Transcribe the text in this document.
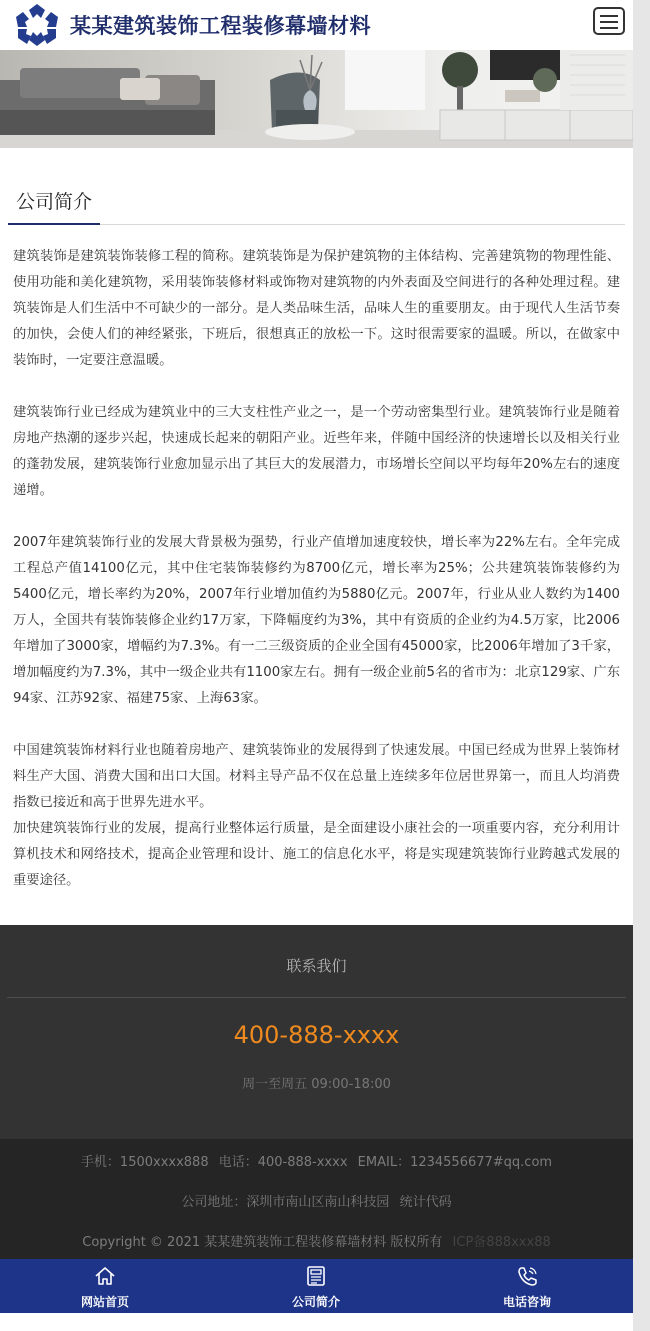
某某建筑装饰工程装修幕墙材料
公司简介

建筑装饰是建筑装饰装修工程的简称。建筑装饰是为保护建筑物的主体结构、完善建筑物的物理性能、使用功能和美化建筑物，采用装饰装修材料或饰物对建筑物的内外表面及空间进行的各种处理过程。建筑装饰是人们生活中不可缺少的一部分。是人类品味生活，品味人生的重要朋友。由于现代人生活节奏的加快，会使人们的神经紧张，下班后，很想真正的放松一下。这时很需要家的温暖。所以，在做家中装饰时，一定要注意温暖。

建筑装饰行业已经成为建筑业中的三大支柱性产业之一，是一个劳动密集型行业。建筑装饰行业是随着房地产热潮的逐步兴起，快速成长起来的朝阳产业。近些年来，伴随中国经济的快速增长以及相关行业的蓬勃发展，建筑装饰行业愈加显示出了其巨大的发展潜力，市场增长空间以平均每年20%左右的速度递增。

2007年建筑装饰行业的发展大背景极为强势，行业产值增加速度较快，增长率为22%左右。全年完成工程总产值14100亿元，其中住宅装饰装修约为8700亿元，增长率为25%；公共建筑装饰装修约为5400亿元，增长率约为20%，2007年行业增加值约为5880亿元。2007年，行业从业人数约为1400万人，全国共有装饰装修企业约17万家，下降幅度约为3%，其中有资质的企业约为4.5万家，比2006年增加了3000家，增幅约为7.3%。有一二三级资质的企业全国有45000家，比2006年增加了3千家，增加幅度约为7.3%，其中一级企业共有1100家左右。拥有一级企业前5名的省市为：北京129家、广东94家、江苏92家、福建75家、上海63家。

中国建筑装饰材料行业也随着房地产、建筑装饰业的发展得到了快速发展。中国已经成为世界上装饰材料生产大国、消费大国和出口大国。材料主导产品不仅在总量上连续多年位居世界第一，而且人均消费指数已接近和高于世界先进水平。

加快建筑装饰行业的发展，提高行业整体运行质量，是全面建设小康社会的一项重要内容，充分利用计算机技术和网络技术，提高企业管理和设计、施工的信息化水平，将是实现建筑装饰行业跨越式发展的重要途径。

联系我们
400-888-xxxx
周一至周五 09:00-18:00
手机：1500xxxx888 电话：400-888-xxxx EMAIL：1234556677#qq.com
公司地址：深圳市南山区南山科技园 统计代码
Copyright © 2021 某某建筑装饰工程装修幕墙材料 版权所有 ICP备888xxx88
网站首页	公司简介	电话咨询
